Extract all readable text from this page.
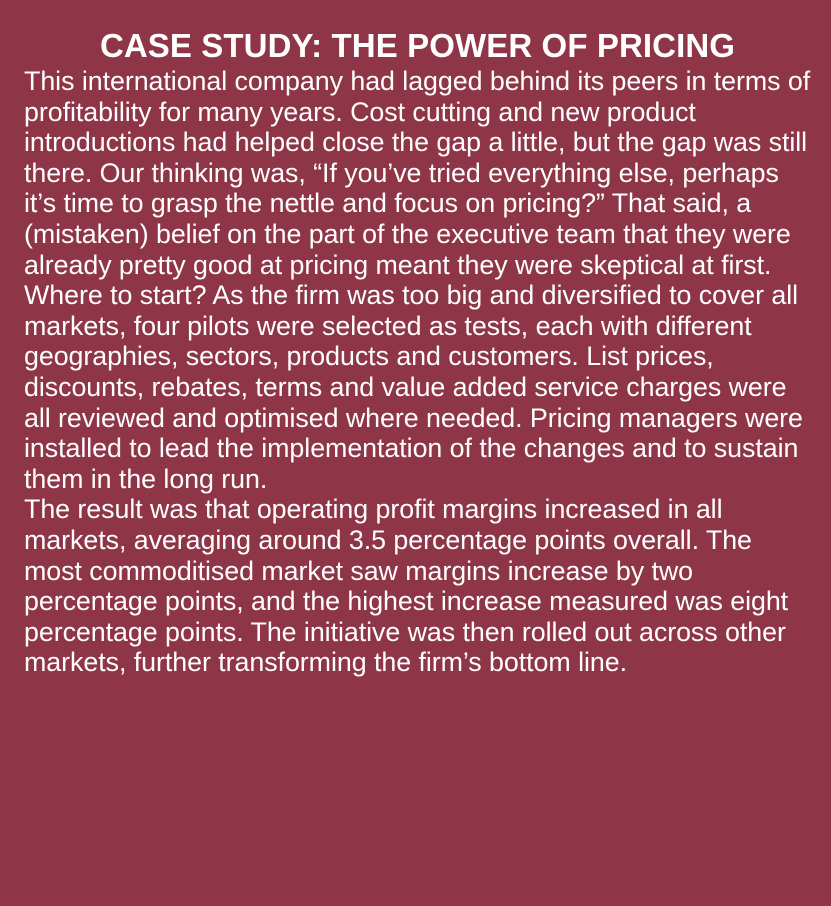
CASE STUDY: THE POWER OF PRICING

This international company had lagged behind its peers in terms of profitability for many years. Cost cutting and new product introductions had helped close the gap a little, but the gap was still there. Our thinking was, “If you’ve tried everything else, perhaps it’s time to grasp the nettle and focus on pricing?” That said, a (mistaken) belief on the part of the executive team that they were already pretty good at pricing meant they were skeptical at first.

Where to start? As the firm was too big and diversified to cover all markets, four pilots were selected as tests, each with different geographies, sectors, products and customers. List prices, discounts, rebates, terms and value added service charges were all reviewed and optimised where needed. Pricing managers were installed to lead the implementation of the changes and to sustain them in the long run.

The result was that operating profit margins increased in all markets, averaging around 3.5 percentage points overall. The most commoditised market saw margins increase by two percentage points, and the highest increase measured was eight percentage points. The initiative was then rolled out across other markets, further transforming the firm’s bottom line.
